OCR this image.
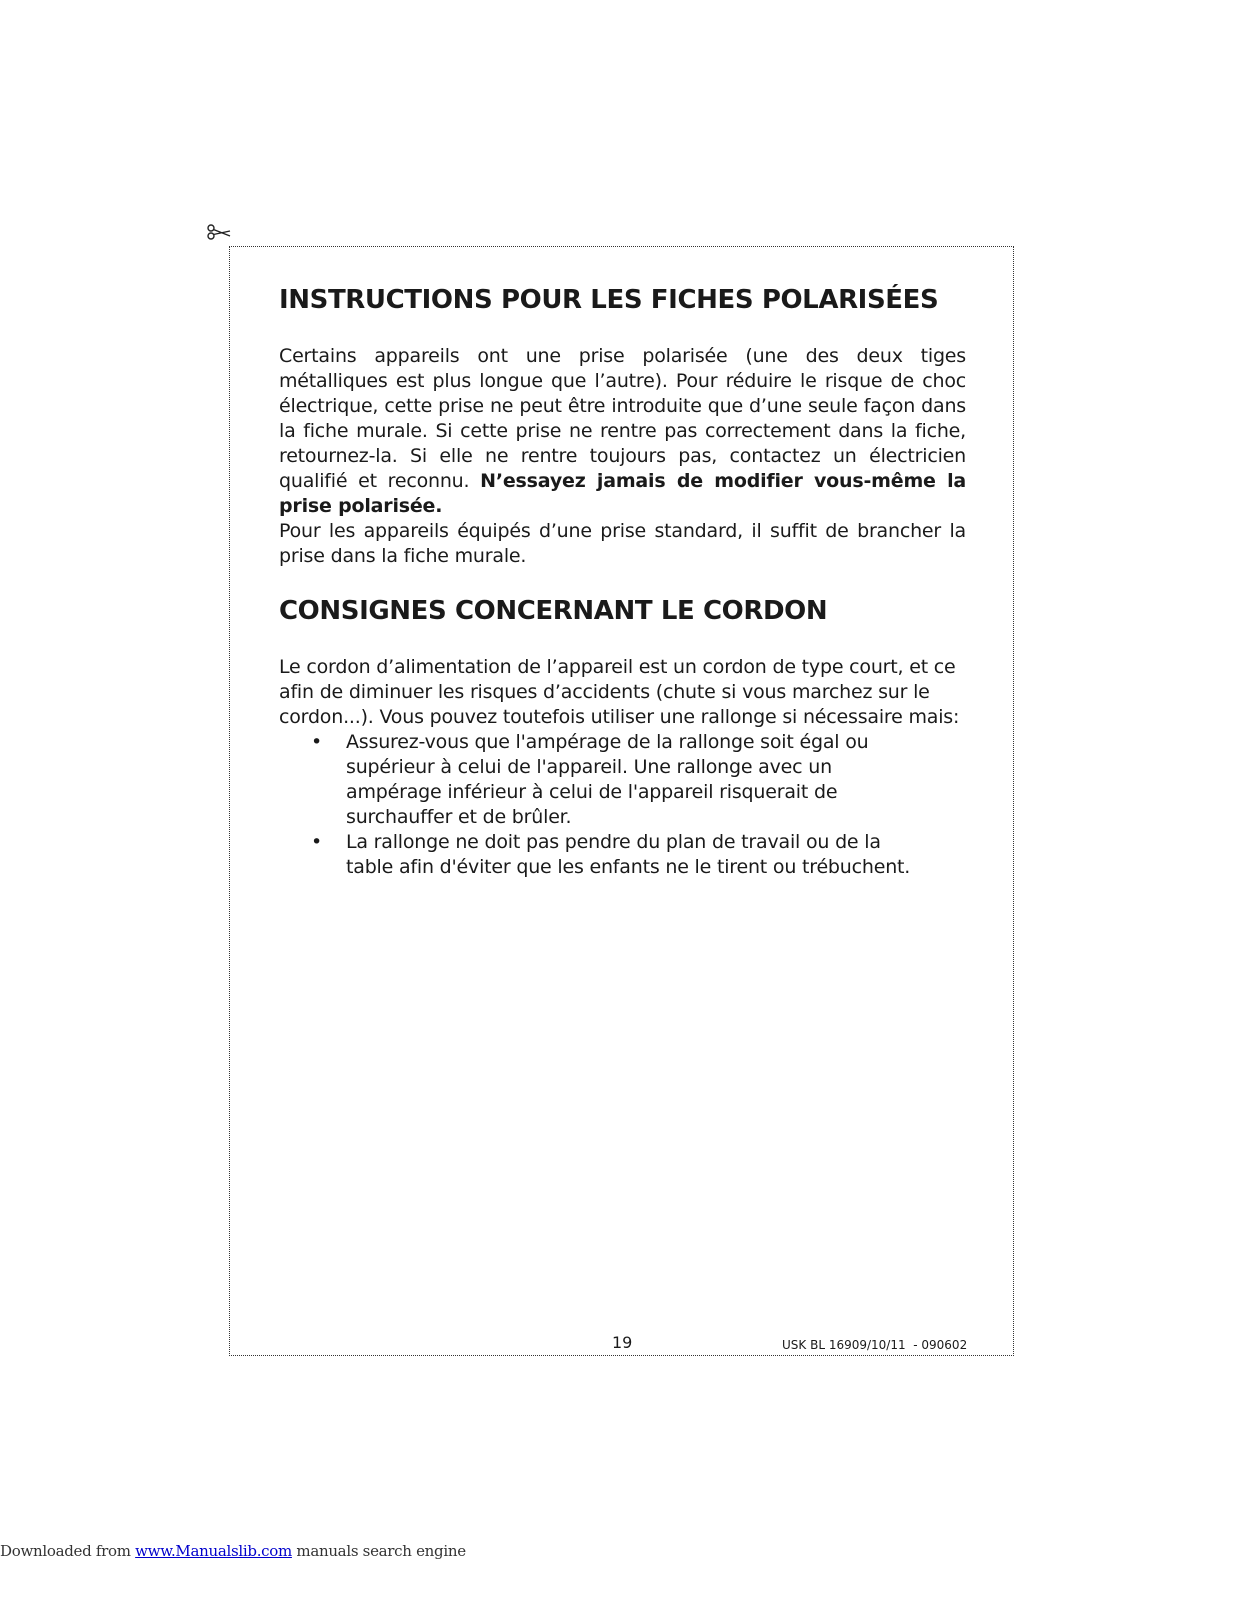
INSTRUCTIONS POUR LES FICHES POLARISÉES

Certains appareils ont une prise polarisée (une des deux tiges métalliques est plus longue que l’autre). Pour réduire le risque de choc électrique, cette prise ne peut être introduite que d’une seule façon dans la fiche murale. Si cette prise ne rentre pas correctement dans la fiche, retournez-la. Si elle ne rentre toujours pas, contactez un électricien qualifié et reconnu. N’essayez jamais de modifier vous-même la prise polarisée.

Pour les appareils équipés d’une prise standard, il suffit de brancher la prise dans la fiche murale.

CONSIGNES CONCERNANT LE CORDON

Le cordon d’alimentation de l’appareil est un cordon de type court, et ce afin de diminuer les risques d’accidents (chute si vous marchez sur le cordon...). Vous pouvez toutefois utiliser une rallonge si nécessaire mais:

• Assurez-vous que l'ampérage de la rallonge soit égal ou supérieur à celui de l'appareil. Une rallonge avec un ampérage inférieur à celui de l'appareil risquerait de surchauffer et de brûler.
• La rallonge ne doit pas pendre du plan de travail ou de la table afin d'éviter que les enfants ne le tirent ou trébuchent.
19	USK BL 16909/10/11  - 090602
Downloaded from www.Manualslib.com manuals search engine
